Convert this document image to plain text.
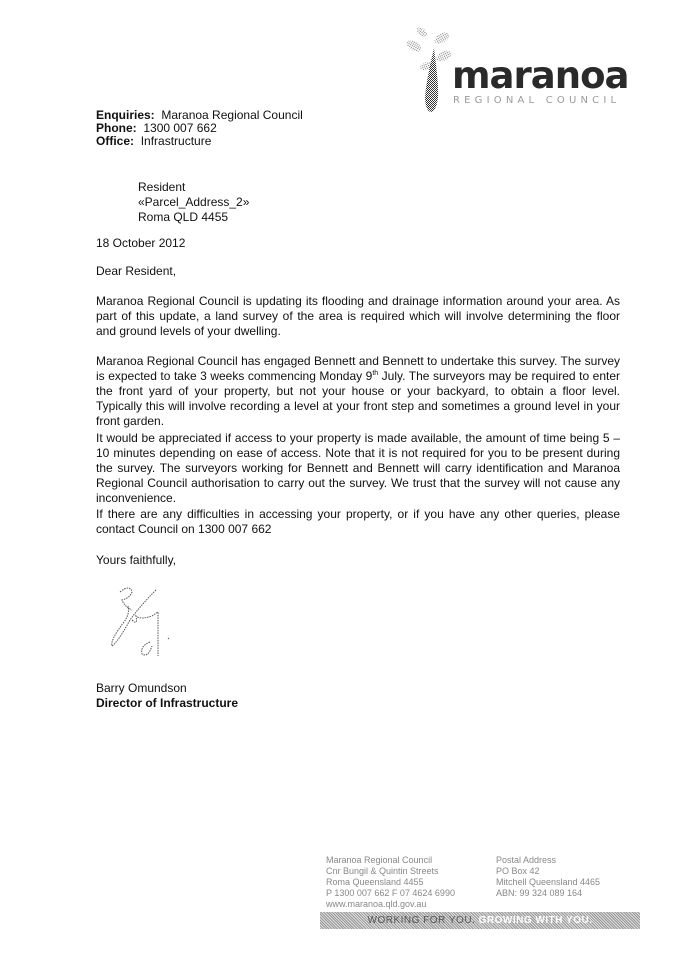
maranoa
REGIONAL COUNCIL
Enquiries: Maranoa Regional Council
Phone: 1300 007 662
Office: Infrastructure
Resident
«Parcel_Address_2»
Roma QLD 4455
18 October 2012
Dear Resident,
Maranoa Regional Council is updating its flooding and drainage information around your area. As part of this update, a land survey of the area is required which will involve determining the floor and ground levels of your dwelling.
Maranoa Regional Council has engaged Bennett and Bennett to undertake this survey. The survey is expected to take 3 weeks commencing Monday 9th July. The surveyors may be required to enter the front yard of your property, but not your house or your backyard, to obtain a floor level. Typically this will involve recording a level at your front step and sometimes a ground level in your front garden.
It would be appreciated if access to your property is made available, the amount of time being 5 – 10 minutes depending on ease of access. Note that it is not required for you to be present during the survey. The surveyors working for Bennett and Bennett will carry identification and Maranoa Regional Council authorisation to carry out the survey. We trust that the survey will not cause any inconvenience.
If there are any difficulties in accessing your property, or if you have any other queries, please contact Council on 1300 007 662
Yours faithfully,
Barry Omundson
Director of Infrastructure
Maranoa Regional Council
Cnr Bungil & Quintin Streets
Roma Queensland 4455
P 1300 007 662 F 07 4624 6990
www.maranoa.qld.gov.au
Postal Address
PO Box 42
Mitchell Queensland 4465
ABN: 99 324 089 164
WORKING FOR YOU. GROWING WITH YOU.
